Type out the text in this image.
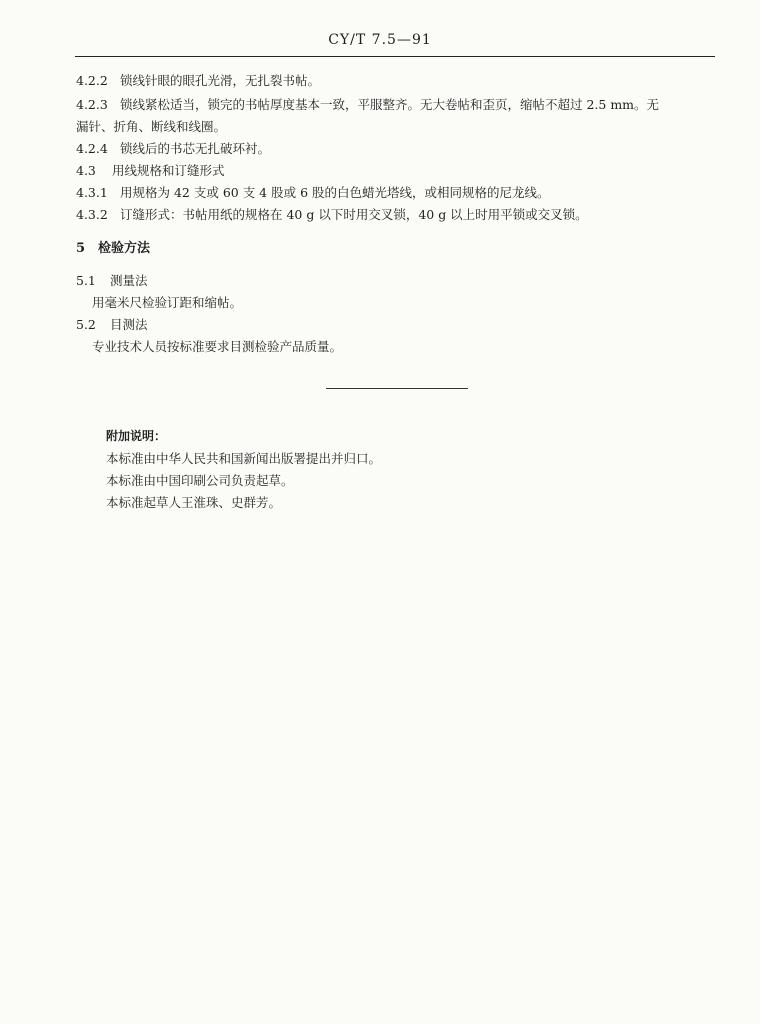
CY/T 7.5—91
4.2.2 锁线针眼的眼孔光滑，无扎裂书帖。
4.2.3 锁线紧松适当，锁完的书帖厚度基本一致，平服整齐。无大卷帖和歪页，缩帖不超过 2.5 mm。无
漏针、折角、断线和线圈。
4.2.4 锁线后的书芯无扎破环衬。
4.3 用线规格和订缝形式
4.3.1 用规格为 42 支或 60 支 4 股或 6 股的白色蜡光塔线，或相同规格的尼龙线。
4.3.2 订缝形式：书帖用纸的规格在 40 g 以下时用交叉锁，40 g 以上时用平锁或交叉锁。
5 检验方法
5.1 测量法
用毫米尺检验订距和缩帖。
5.2 目测法
专业技术人员按标准要求目测检验产品质量。
附加说明：
本标准由中华人民共和国新闻出版署提出并归口。
本标准由中国印刷公司负责起草。
本标准起草人王淮珠、史群芳。
